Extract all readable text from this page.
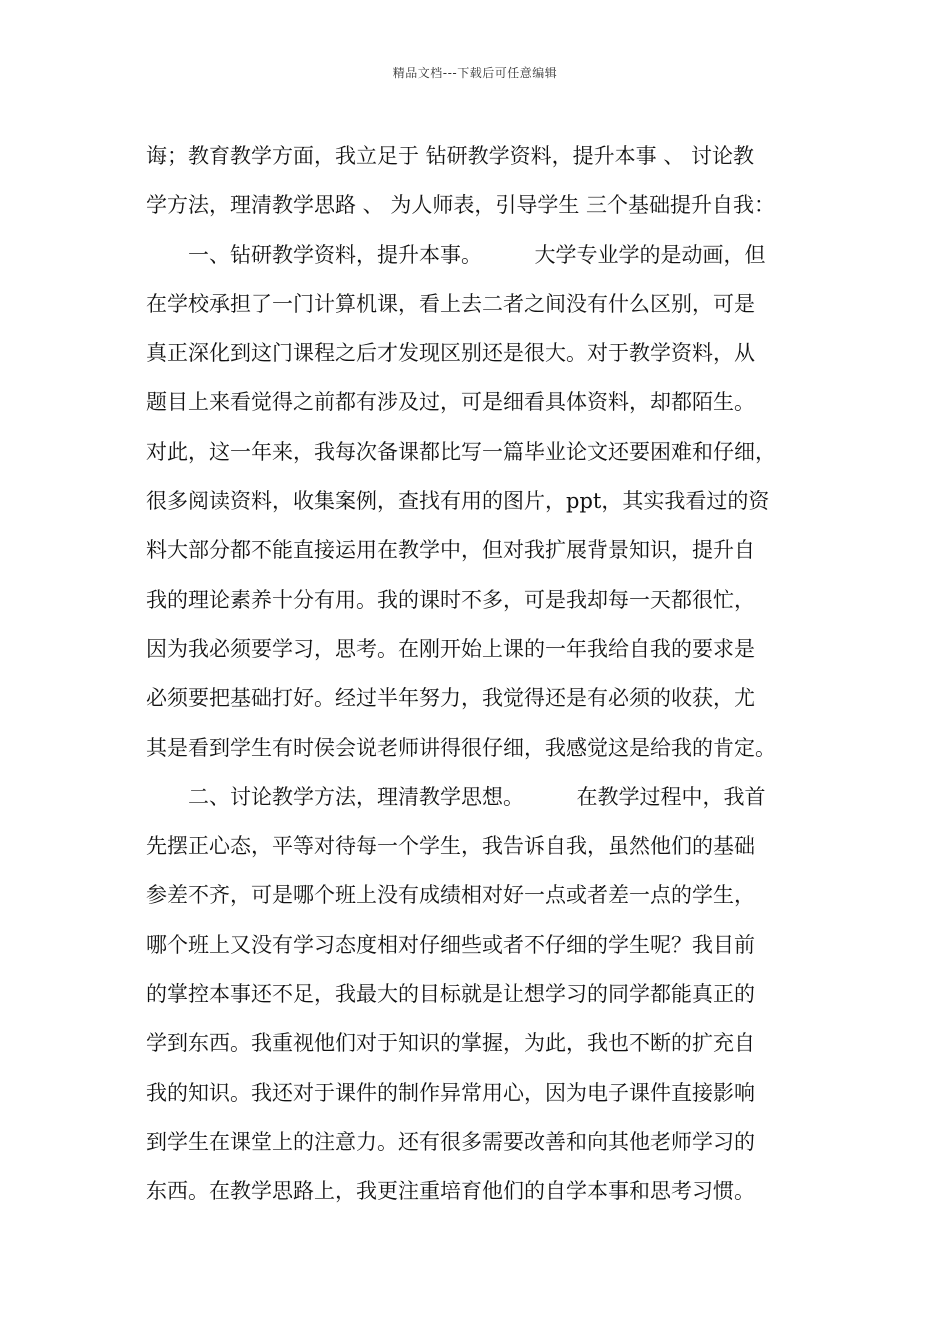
精品文档---下载后可任意编辑
诲；教育教学方面，我立足于 钻研教学资料，提升本事 、 讨论教
学方法，理清教学思路 、 为人师表，引导学生 三个基础提升自我：
　　一、钻研教学资料，提升本事。　　　大学专业学的是动画，但
在学校承担了一门计算机课，看上去二者之间没有什么区别，可是
真正深化到这门课程之后才发现区别还是很大。对于教学资料，从
题目上来看觉得之前都有涉及过，可是细看具体资料，却都陌生。
对此，这一年来，我每次备课都比写一篇毕业论文还要困难和仔细，
很多阅读资料，收集案例，查找有用的图片，ppt，其实我看过的资
料大部分都不能直接运用在教学中，但对我扩展背景知识，提升自
我的理论素养十分有用。我的课时不多，可是我却每一天都很忙，
因为我必须要学习，思考。在刚开始上课的一年我给自我的要求是
必须要把基础打好。经过半年努力，我觉得还是有必须的收获，尤
其是看到学生有时侯会说老师讲得很仔细，我感觉这是给我的肯定。
　　二、讨论教学方法，理清教学思想。　　　在教学过程中，我首
先摆正心态，平等对待每一个学生，我告诉自我，虽然他们的基础
参差不齐，可是哪个班上没有成绩相对好一点或者差一点的学生，
哪个班上又没有学习态度相对仔细些或者不仔细的学生呢？我目前
的掌控本事还不足，我最大的目标就是让想学习的同学都能真正的
学到东西。我重视他们对于知识的掌握，为此，我也不断的扩充自
我的知识。我还对于课件的制作异常用心，因为电子课件直接影响
到学生在课堂上的注意力。还有很多需要改善和向其他老师学习的
东西。在教学思路上，我更注重培育他们的自学本事和思考习惯。
